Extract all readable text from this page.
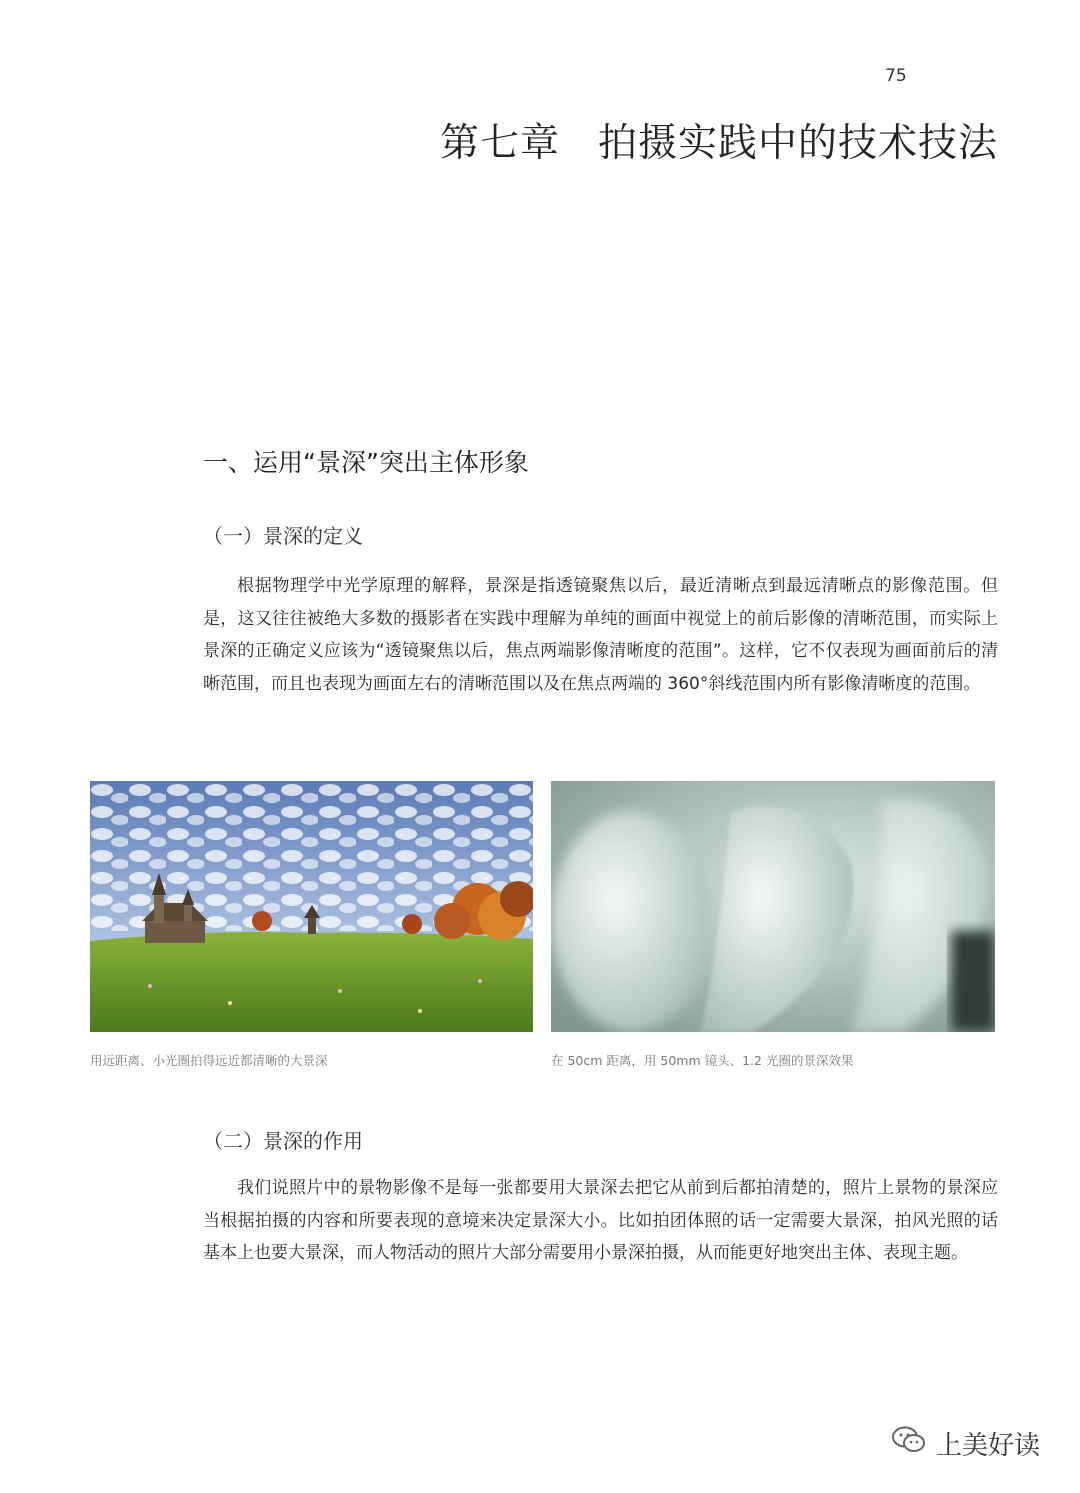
75
第七章 拍摄实践中的技术技法
一、运用“景深”突出主体形象
（一）景深的定义

根据物理学中光学原理的解释，景深是指透镜聚焦以后，最近清晰点到最远清晰点的影像范围。但是，这又往往被绝大多数的摄影者在实践中理解为单纯的画面中视觉上的前后影像的清晰范围，而实际上景深的正确定义应该为“透镜聚焦以后，焦点两端影像清晰度的范围”。这样，它不仅表现为画面前后的清晰范围，而且也表现为画面左右的清晰范围以及在焦点两端的 360°斜线范围内所有影像清晰度的范围。

用远距离、小光圈拍得远近都清晰的大景深	在 50cm 距离，用 50mm 镜头、1.2 光圈的景深效果
（二）景深的作用

我们说照片中的景物影像不是每一张都要用大景深去把它从前到后都拍清楚的，照片上景物的景深应当根据拍摄的内容和所要表现的意境来决定景深大小。比如拍团体照的话一定需要大景深，拍风光照的话基本上也要大景深，而人物活动的照片大部分需要用小景深拍摄，从而能更好地突出主体、表现主题。

上美好读
